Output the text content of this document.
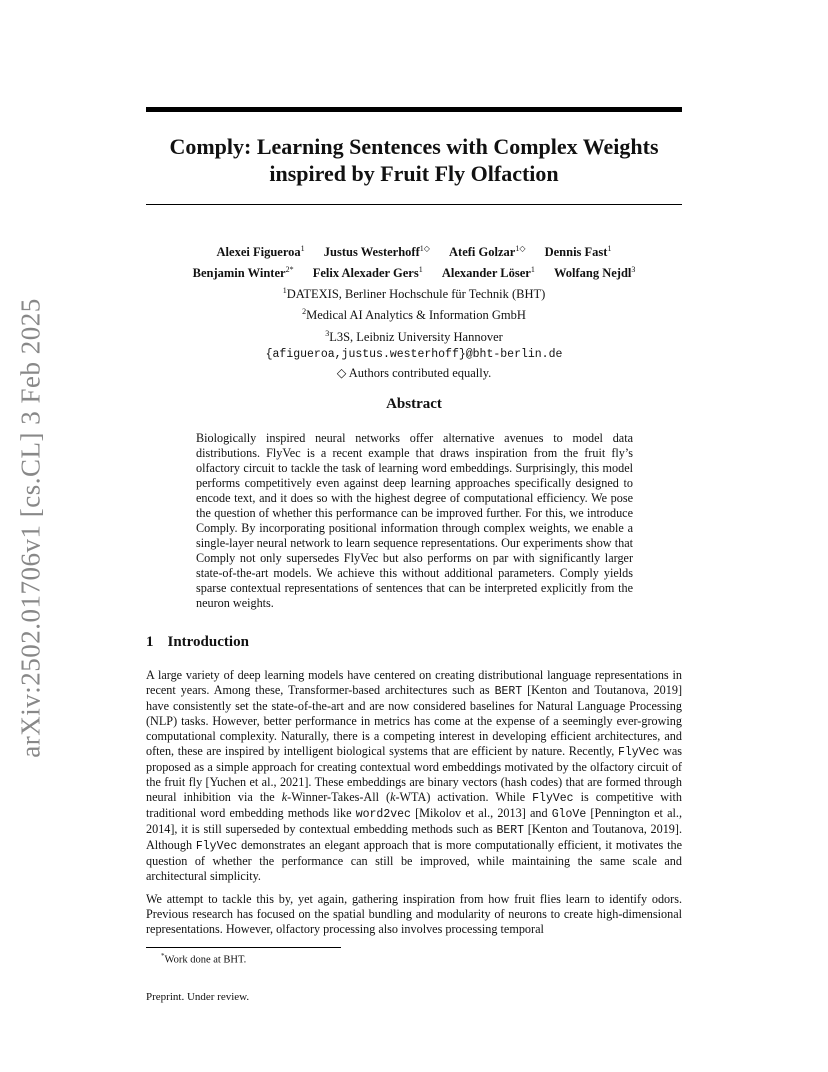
arXiv:2502.01706v1 [cs.CL] 3 Feb 2025
Comply: Learning Sentences with Complex Weights
inspired by Fruit Fly Olfaction
Alexei Figueroa$^1$ Justus Westerhoff$^{1◇}$ Atefi Golzar$^{1◇}$ Dennis Fast$^1$
Benjamin Winter$^{2*}$ Felix Alexader Gers$^1$ Alexander Löser$^1$ Wolfang Nejdl$^3$
$^1$DATEXIS, Berliner Hochschule für Technik (BHT)
$^2$Medical AI Analytics & Information GmbH
$^3$L3S, Leibniz University Hannover
{afigueroa,justus.westerhoff}@bht-berlin.de
◇ Authors contributed equally.
Abstract

Biologically inspired neural networks offer alternative avenues to model data distributions. FlyVec is a recent example that draws inspiration from the fruit fly’s olfactory circuit to tackle the task of learning word embeddings. Surprisingly, this model performs competitively even against deep learning approaches specifically designed to encode text, and it does so with the highest degree of computational efficiency. We pose the question of whether this performance can be improved further. For this, we introduce Comply. By incorporating positional information through complex weights, we enable a single-layer neural network to learn sequence representations. Our experiments show that Comply not only supersedes FlyVec but also performs on par with significantly larger state-of-the-art models. We achieve this without additional parameters. Comply yields sparse contextual representations of sentences that can be interpreted explicitly from the neuron weights.

1 Introduction

A large variety of deep learning models have centered on creating distributional language representations in recent years. Among these, Transformer-based architectures such as BERT [Kenton and Toutanova, 2019] have consistently set the state-of-the-art and are now considered baselines for Natural Language Processing (NLP) tasks. However, better performance in metrics has come at the expense of a seemingly ever-growing computational complexity. Naturally, there is a competing interest in developing efficient architectures, and often, these are inspired by intelligent biological systems that are efficient by nature. Recently, FlyVec was proposed as a simple approach for creating contextual word embeddings motivated by the olfactory circuit of the fruit fly [Yuchen et al., 2021]. These embeddings are binary vectors (hash codes) that are formed through neural inhibition via the k-Winner-Takes-All (k-WTA) activation. While FlyVec is competitive with traditional word embedding methods like word2vec [Mikolov et al., 2013] and GloVe [Pennington et al., 2014], it is still superseded by contextual embedding methods such as BERT [Kenton and Toutanova, 2019]. Although FlyVec demonstrates an elegant approach that is more computationally efficient, it motivates the question of whether the performance can still be improved, while maintaining the same scale and architectural simplicity.

We attempt to tackle this by, yet again, gathering inspiration from how fruit flies learn to identify odors. Previous research has focused on the spatial bundling and modularity of neurons to create high-dimensional representations. However, olfactory processing also involves processing temporal

*Work done at BHT.
Preprint. Under review.
